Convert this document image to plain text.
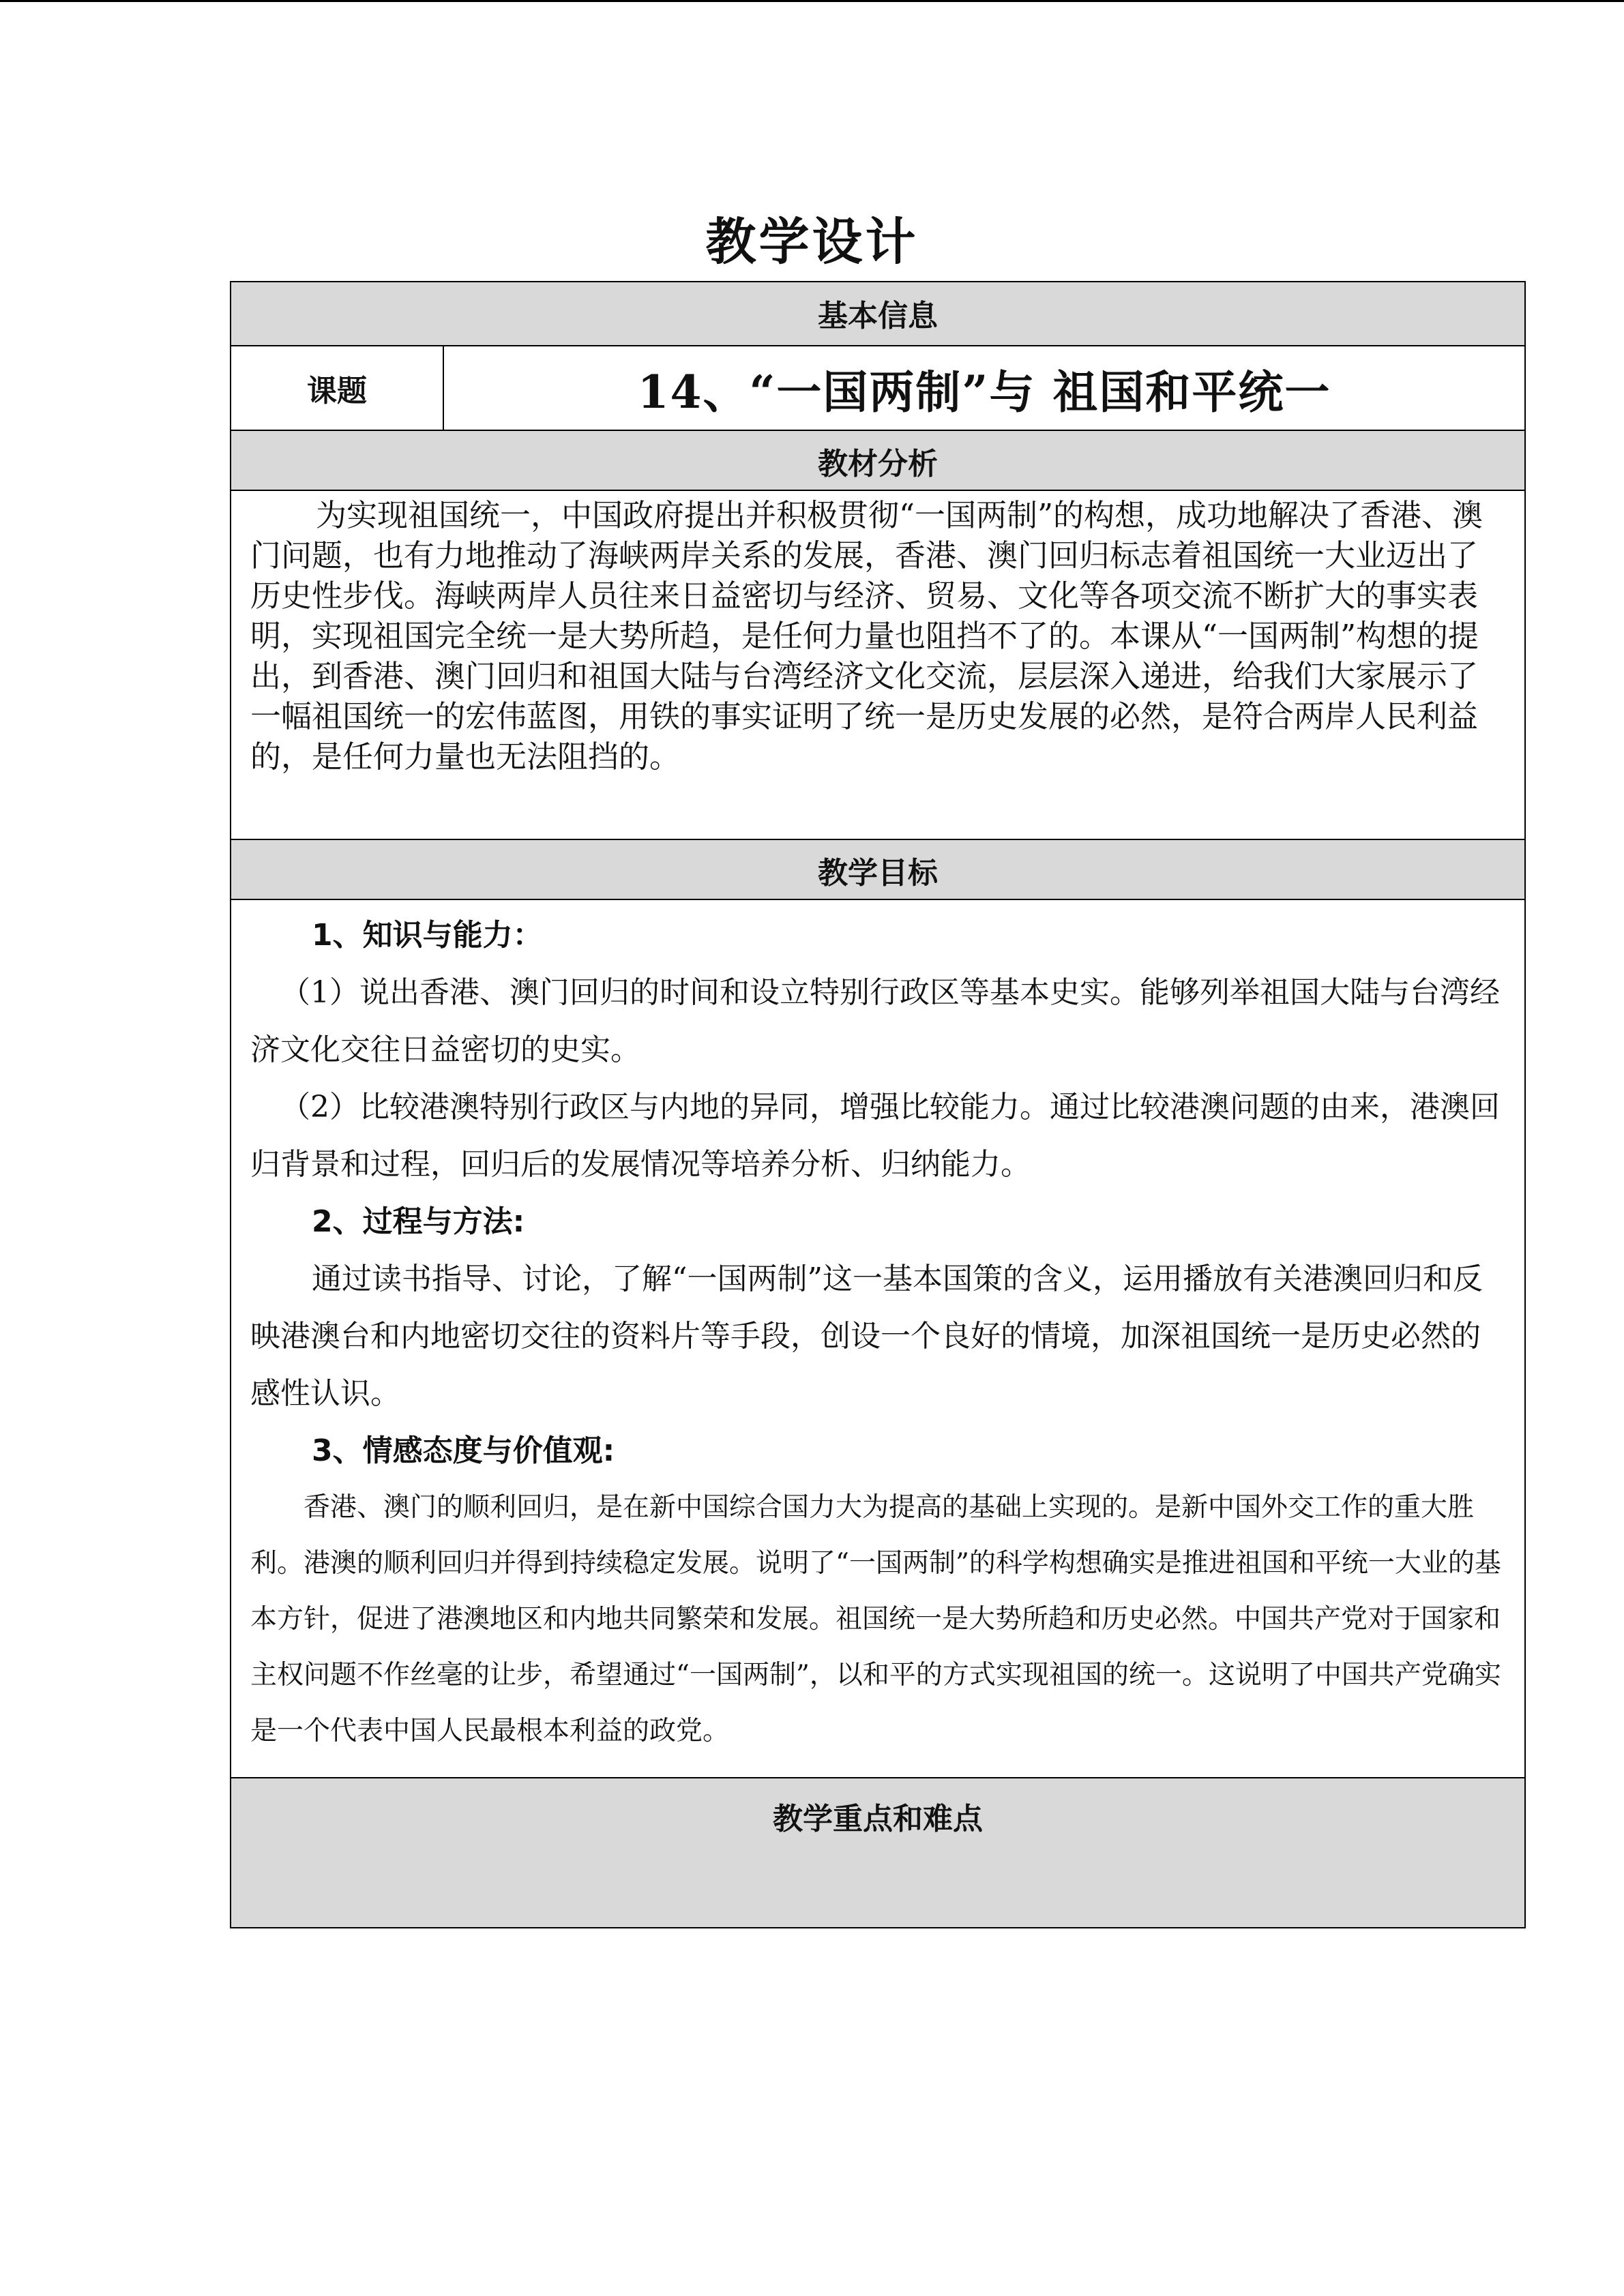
教学设计
基本信息
课题	14、“一国两制”与 祖国和平统一
教材分析

为实现祖国统一，中国政府提出并积极贯彻“一国两制”的构想，成功地解决了香港、澳门问题，也有力地推动了海峡两岸关系的发展，香港、澳门回归标志着祖国统一大业迈出了历史性步伐。海峡两岸人员往来日益密切与经济、贸易、文化等各项交流不断扩大的事实表明，实现祖国完全统一是大势所趋，是任何力量也阻挡不了的。本课从“一国两制”构想的提出，到香港、澳门回归和祖国大陆与台湾经济文化交流，层层深入递进，给我们大家展示了一幅祖国统一的宏伟蓝图，用铁的事实证明了统一是历史发展的必然，是符合两岸人民利益的，是任何力量也无法阻挡的。

教学目标

1、知识与能力：

（1）说出香港、澳门回归的时间和设立特别行政区等基本史实。能够列举祖国大陆与台湾经济文化交往日益密切的史实。

（2）比较港澳特别行政区与内地的异同，增强比较能力。通过比较港澳问题的由来，港澳回归背景和过程，回归后的发展情况等培养分析、归纳能力。

2、过程与方法:

通过读书指导、讨论，了解“一国两制”这一基本国策的含义，运用播放有关港澳回归和反映港澳台和内地密切交往的资料片等手段，创设一个良好的情境，加深祖国统一是历史必然的感性认识。

3、情感态度与价值观:

香港、澳门的顺利回归，是在新中国综合国力大为提高的基础上实现的。是新中国外交工作的重大胜利。港澳的顺利回归并得到持续稳定发展。说明了“一国两制”的科学构想确实是推进祖国和平统一大业的基本方针，促进了港澳地区和内地共同繁荣和发展。祖国统一是大势所趋和历史必然。中国共产党对于国家和主权问题不作丝毫的让步，希望通过“一国两制”，以和平的方式实现祖国的统一。这说明了中国共产党确实是一个代表中国人民最根本利益的政党。

教学重点和难点
